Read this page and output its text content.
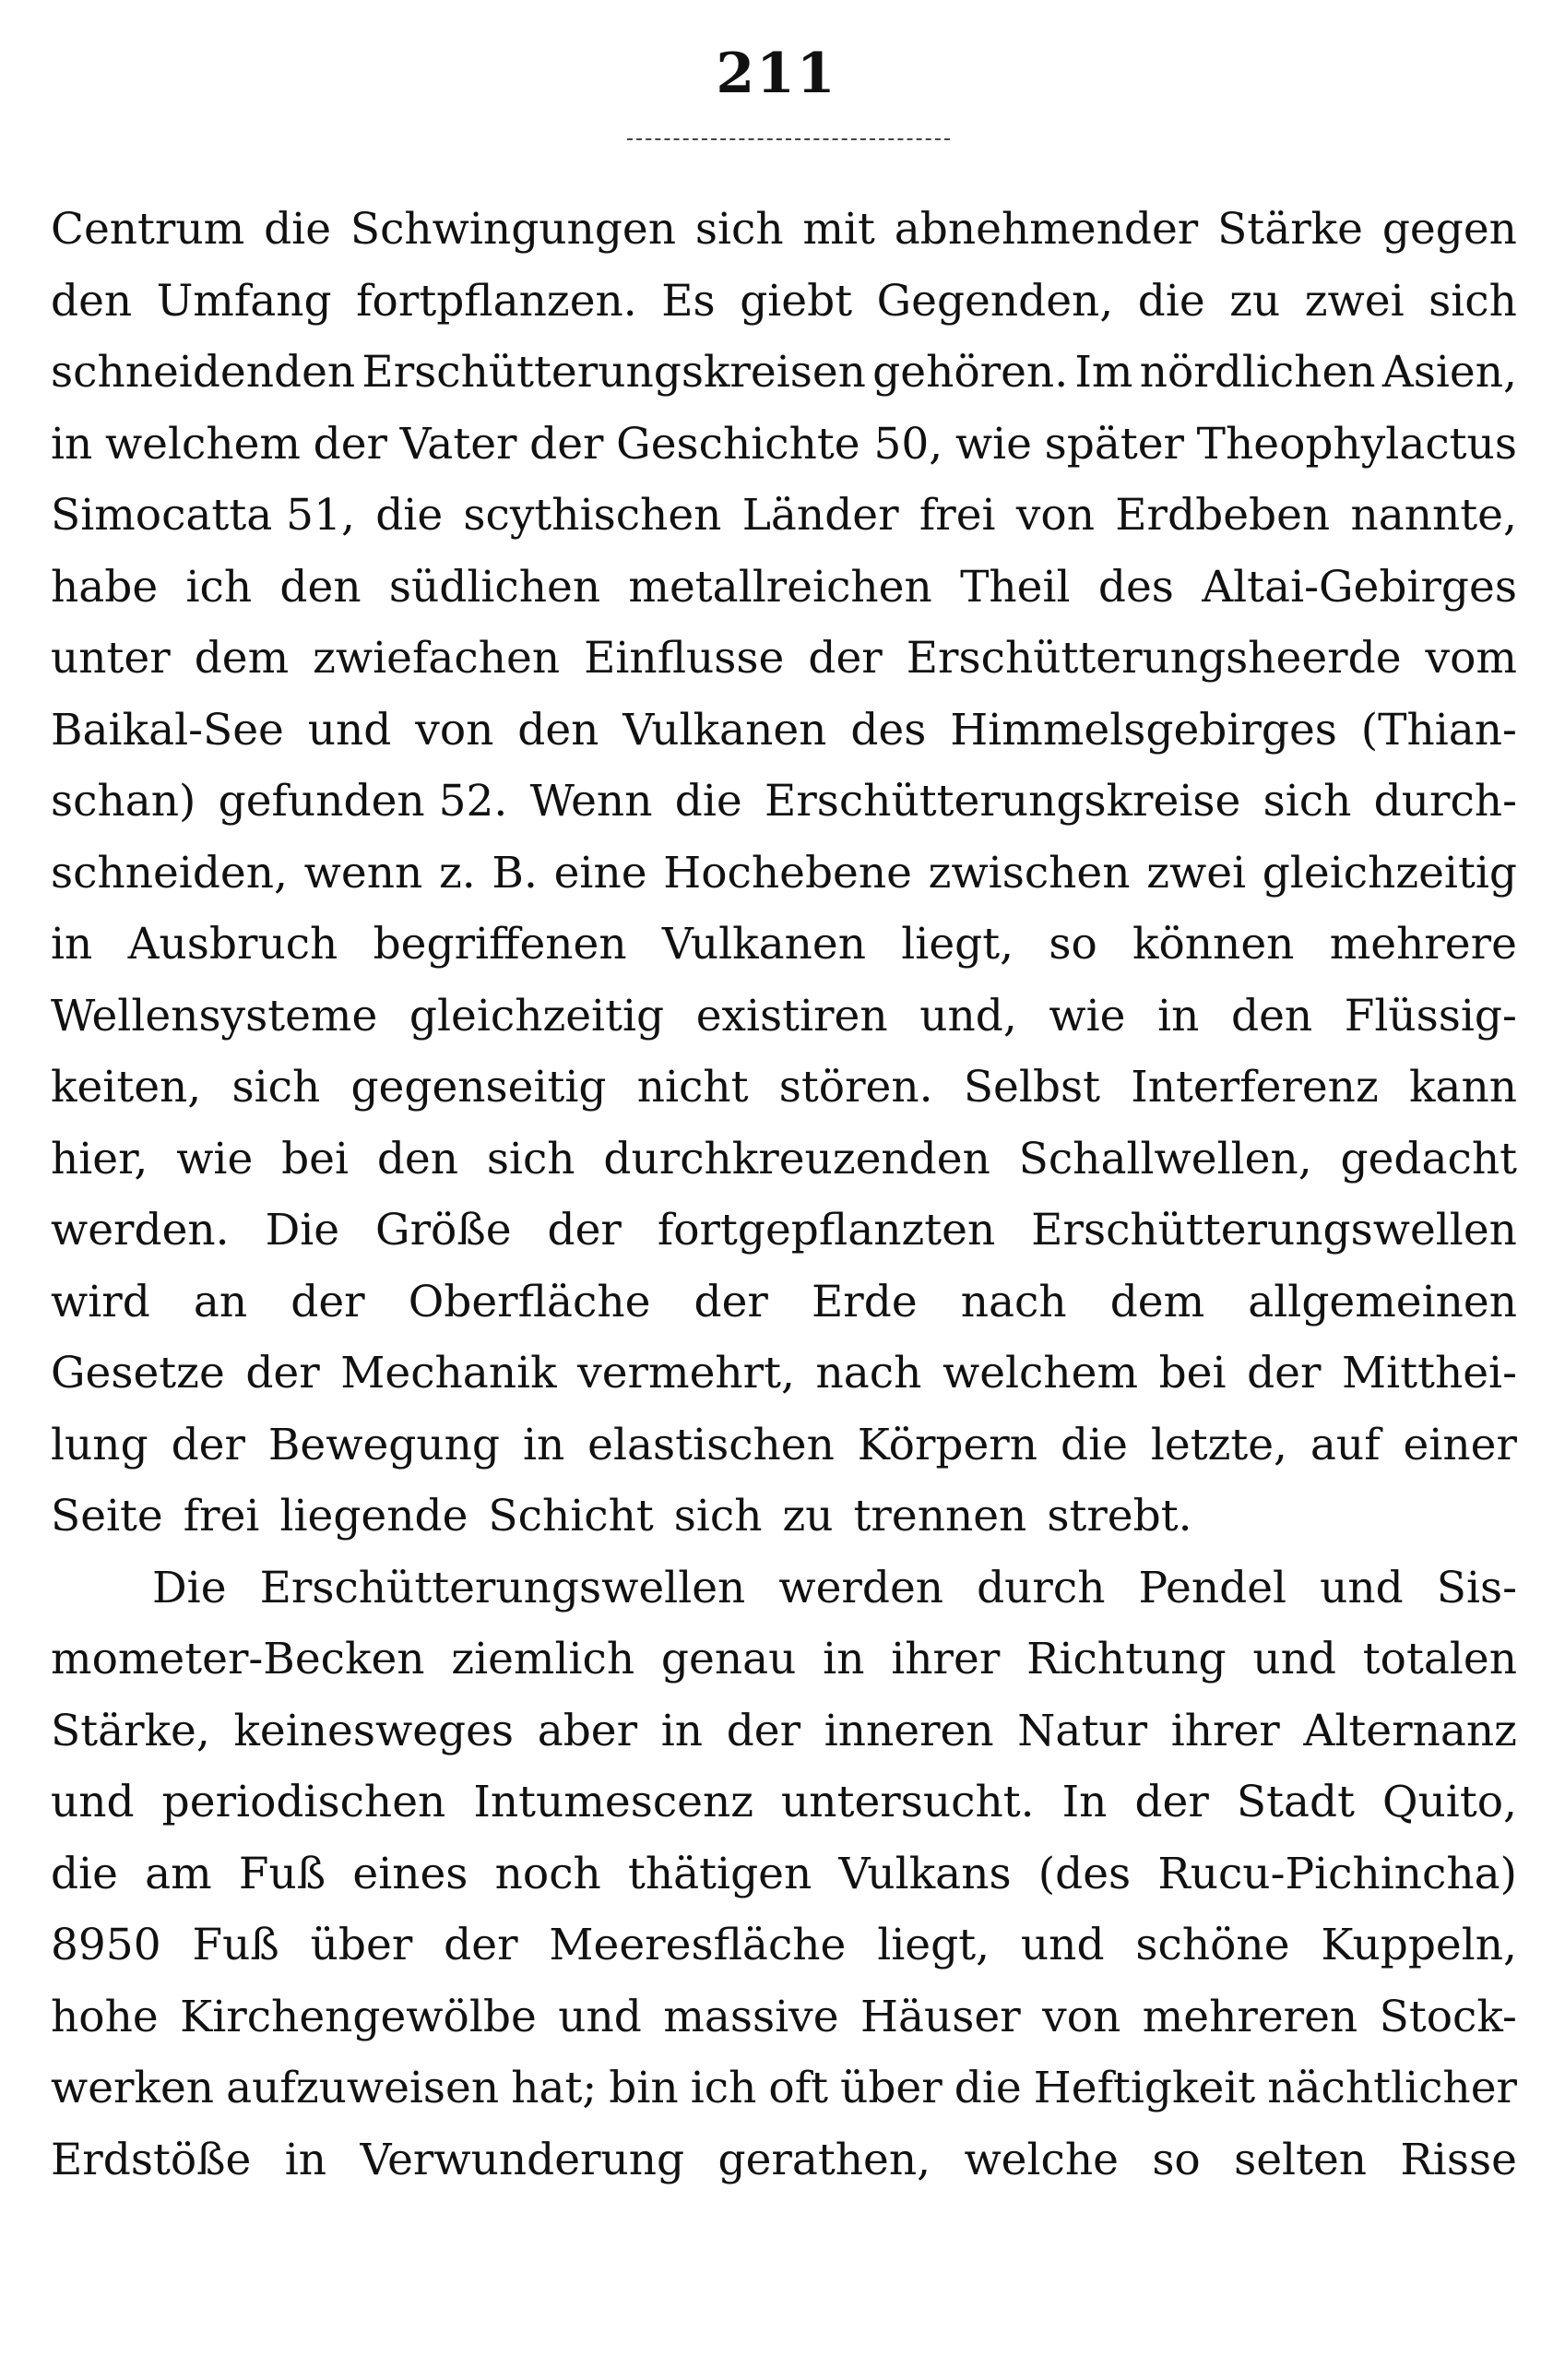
211
Centrum die Schwingungen sich mit abnehmender Stärke gegen
den Umfang fortpflanzen. Es giebt Gegenden, die zu zwei sich
schneidenden Erschütterungskreisen gehören. Im nördlichen Asien,
in welchem der Vater der Geschichte 50, wie später Theophylactus
Simocatta 51, die scythischen Länder frei von Erdbeben nannte,
habe ich den südlichen metallreichen Theil des Altai-Gebirges
unter dem zwiefachen Einflusse der Erschütterungsheerde vom
Baikal-See und von den Vulkanen des Himmelsgebirges (Thian-
schan) gefunden 52. Wenn die Erschütterungskreise sich durch-
schneiden, wenn z. B. eine Hochebene zwischen zwei gleichzeitig
in Ausbruch begriffenen Vulkanen liegt, so können mehrere
Wellensysteme gleichzeitig existiren und, wie in den Flüssig-
keiten, sich gegenseitig nicht stören. Selbst Interferenz kann
hier, wie bei den sich durchkreuzenden Schallwellen, gedacht
werden. Die Größe der fortgepflanzten Erschütterungswellen
wird an der Oberfläche der Erde nach dem allgemeinen
Gesetze der Mechanik vermehrt, nach welchem bei der Mitthei-
lung der Bewegung in elastischen Körpern die letzte, auf einer
Seite frei liegende Schicht sich zu trennen strebt.
Die Erschütterungswellen werden durch Pendel und Sis-
mometer-Becken ziemlich genau in ihrer Richtung und totalen
Stärke, keinesweges aber in der inneren Natur ihrer Alternanz
und periodischen Intumescenz untersucht. In der Stadt Quito,
die am Fuß eines noch thätigen Vulkans (des Rucu-Pichincha)
8950 Fuß über der Meeresfläche liegt, und schöne Kuppeln,
hohe Kirchengewölbe und massive Häuser von mehreren Stock-
werken aufzuweisen hat; bin ich oft über die Heftigkeit nächtlicher
Erdstöße in Verwunderung gerathen, welche so selten Risse
